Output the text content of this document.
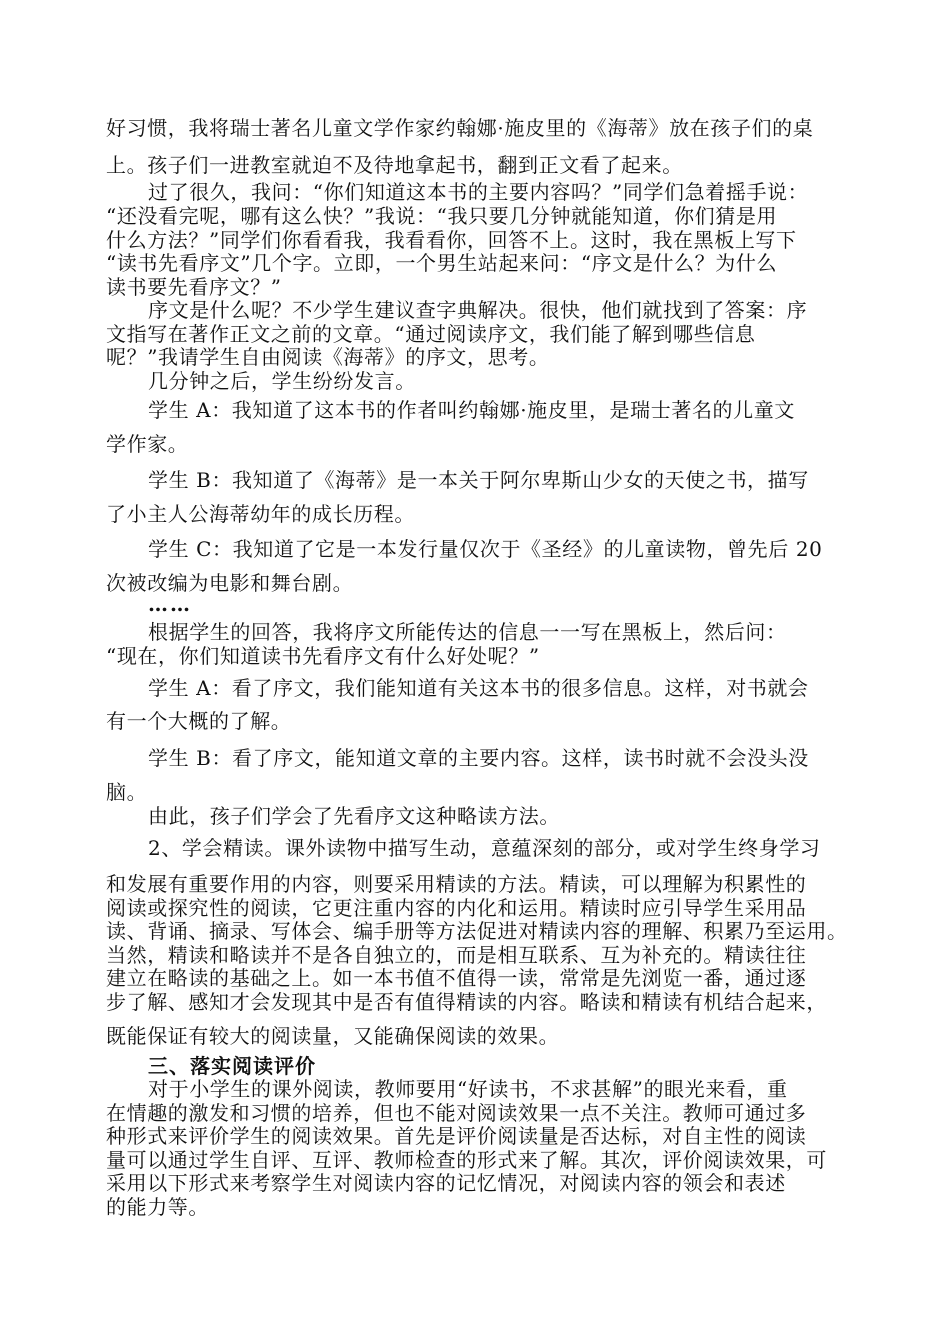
好习惯，我将瑞士著名儿童文学作家约翰娜·施皮里的《海蒂》放在孩子们的桌
上。孩子们一进教室就迫不及待地拿起书，翻到正文看了起来。
过了很久，我问：“你们知道这本书的主要内容吗？”同学们急着摇手说：
“还没看完呢，哪有这么快？”我说：“我只要几分钟就能知道，你们猜是用
什么方法？”同学们你看看我，我看看你，回答不上。这时，我在黑板上写下
“读书先看序文”几个字。立即，一个男生站起来问：“序文是什么？为什么
读书要先看序文？”
序文是什么呢？不少学生建议查字典解决。很快，他们就找到了答案：序
文指写在著作正文之前的文章。“通过阅读序文，我们能了解到哪些信息
呢？”我请学生自由阅读《海蒂》的序文，思考。
几分钟之后，学生纷纷发言。
学生 A：我知道了这本书的作者叫约翰娜·施皮里，是瑞士著名的儿童文
学作家。
学生 B：我知道了《海蒂》是一本关于阿尔卑斯山少女的天使之书，描写
了小主人公海蒂幼年的成长历程。
学生 C：我知道了它是一本发行量仅次于《圣经》的儿童读物，曾先后 20
次被改编为电影和舞台剧。
……
根据学生的回答，我将序文所能传达的信息一一写在黑板上，然后问：
“现在，你们知道读书先看序文有什么好处呢？”
学生 A：看了序文，我们能知道有关这本书的很多信息。这样，对书就会
有一个大概的了解。
学生 B：看了序文，能知道文章的主要内容。这样，读书时就不会没头没
脑。
由此，孩子们学会了先看序文这种略读方法。
2、学会精读。课外读物中描写生动，意蕴深刻的部分，或对学生终身学习
和发展有重要作用的内容，则要采用精读的方法。精读，可以理解为积累性的
阅读或探究性的阅读，它更注重内容的内化和运用。精读时应引导学生采用品
读、背诵、摘录、写体会、编手册等方法促进对精读内容的理解、积累乃至运用。
当然，精读和略读并不是各自独立的，而是相互联系、互为补充的。精读往往
建立在略读的基础之上。如一本书值不值得一读，常常是先浏览一番，通过逐
步了解、感知才会发现其中是否有值得精读的内容。略读和精读有机结合起来，
既能保证有较大的阅读量，又能确保阅读的效果。
三、落实阅读评价
对于小学生的课外阅读，教师要用“好读书，不求甚解”的眼光来看，重
在情趣的激发和习惯的培养，但也不能对阅读效果一点不关注。教师可通过多
种形式来评价学生的阅读效果。首先是评价阅读量是否达标，对自主性的阅读
量可以通过学生自评、互评、教师检查的形式来了解。其次，评价阅读效果，可
采用以下形式来考察学生对阅读内容的记忆情况，对阅读内容的领会和表述
的能力等。
